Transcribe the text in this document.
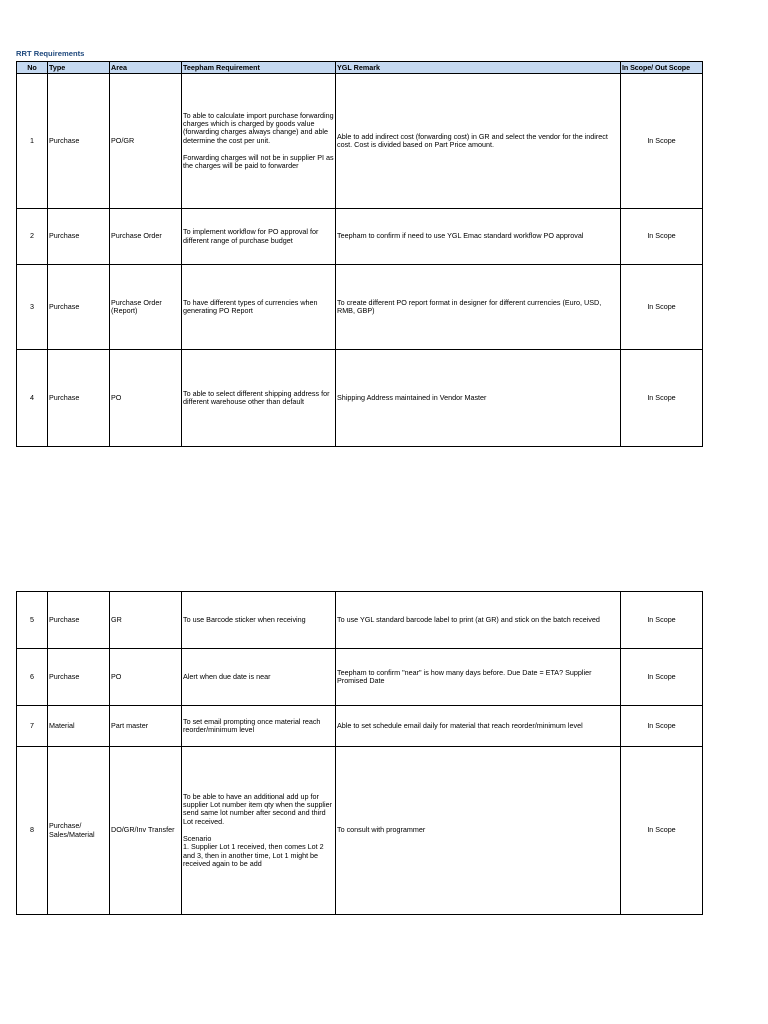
RRT Requirements
No	Type	Area	Teepham Requirement	YGL Remark	In Scope/ Out Scope
1	Purchase	PO/GR	To able to calculate import purchase forwarding charges which is charged by goods value (forwarding charges always change) and able determine the cost per unit.

Forwarding charges will not be in supplier PI as the charges will be paid to forwarder	Able to add indirect cost (forwarding cost) in GR and select the vendor for the indirect cost. Cost is divided based on Part Price amount.	In Scope
2	Purchase	Purchase Order	To implement workflow for PO approval for different range of purchase budget	Teepham to confirm if need to use YGL Emac standard workflow PO approval	In Scope
3	Purchase	Purchase Order (Report)	To have different types of currencies when generating PO Report	To create different PO report format in designer for different currencies (Euro, USD, RMB, GBP)	In Scope
4	Purchase	PO	To able to select different shipping address for different warehouse other than default	Shipping Address maintained in Vendor Master	In Scope
5	Purchase	GR	To use Barcode sticker when receiving	To use YGL standard barcode label to print (at GR) and stick on the batch received	In Scope
6	Purchase	PO	Alert when due date is near	Teepham to confirm "near" is how many days before. Due Date = ETA? Supplier Promised Date	In Scope
7	Material	Part master	To set email prompting once material reach reorder/minimum level	Able to set schedule email daily for material that reach reorder/minimum level	In Scope
8	Purchase/ Sales/Material	DO/GR/Inv Transfer	To be able to have an additional add up for supplier Lot number item qty when the supplier send same lot number after second and third Lot received.

Scenario
1. Supplier Lot 1 received, then comes Lot 2 and 3, then in another time, Lot 1 might be received again to be add	To consult with programmer	In Scope
